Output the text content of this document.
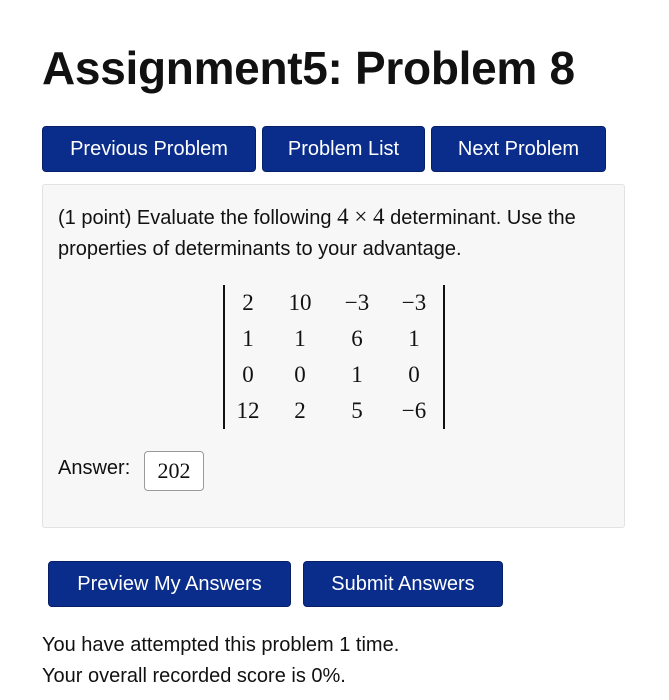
Assignment5: Problem 8
Previous Problem	Problem List	Next Problem
(1 point) Evaluate the following 4 × 4 determinant. Use the properties of determinants to your advantage.
2	10	−3	−3
1	1	6	1
0	0	1	0
12	2	5	−6
Answer:
202
Preview My Answers	Submit Answers
You have attempted this problem 1 time.
Your overall recorded score is 0%.
